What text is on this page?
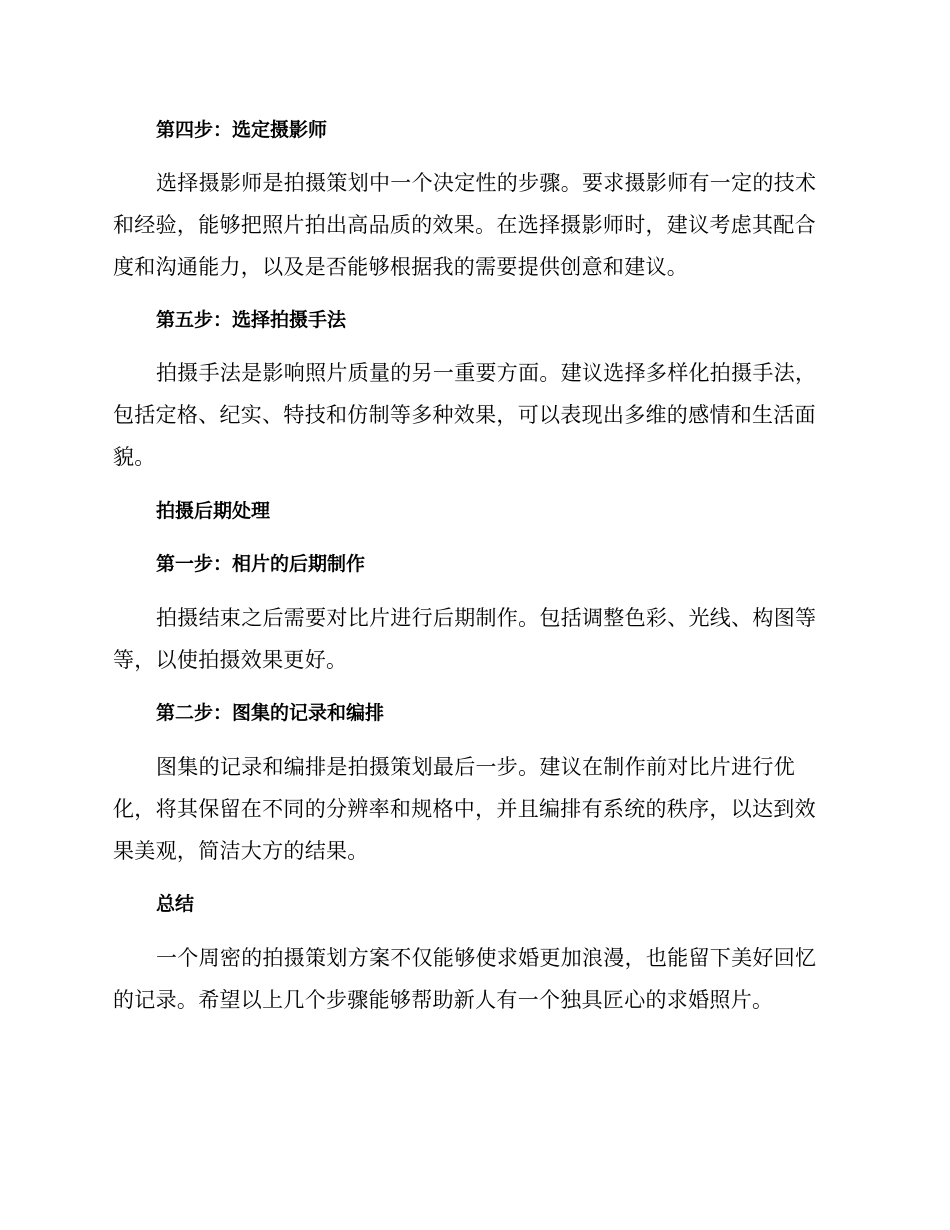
第四步：选定摄影师

选择摄影师是拍摄策划中一个决定性的步骤。要求摄影师有一定的技术和经验，能够把照片拍出高品质的效果。在选择摄影师时，建议考虑其配合度和沟通能力，以及是否能够根据我的需要提供创意和建议。

第五步：选择拍摄手法

拍摄手法是影响照片质量的另一重要方面。建议选择多样化拍摄手法，包括定格、纪实、特技和仿制等多种效果，可以表现出多维的感情和生活面貌。

拍摄后期处理
第一步：相片的后期制作

拍摄结束之后需要对比片进行后期制作。包括调整色彩、光线、构图等等，以使拍摄效果更好。

第二步：图集的记录和编排

图集的记录和编排是拍摄策划最后一步。建议在制作前对比片进行优化，将其保留在不同的分辨率和规格中，并且编排有系统的秩序，以达到效果美观，简洁大方的结果。

总结

一个周密的拍摄策划方案不仅能够使求婚更加浪漫，也能留下美好回忆的记录。希望以上几个步骤能够帮助新人有一个独具匠心的求婚照片。
